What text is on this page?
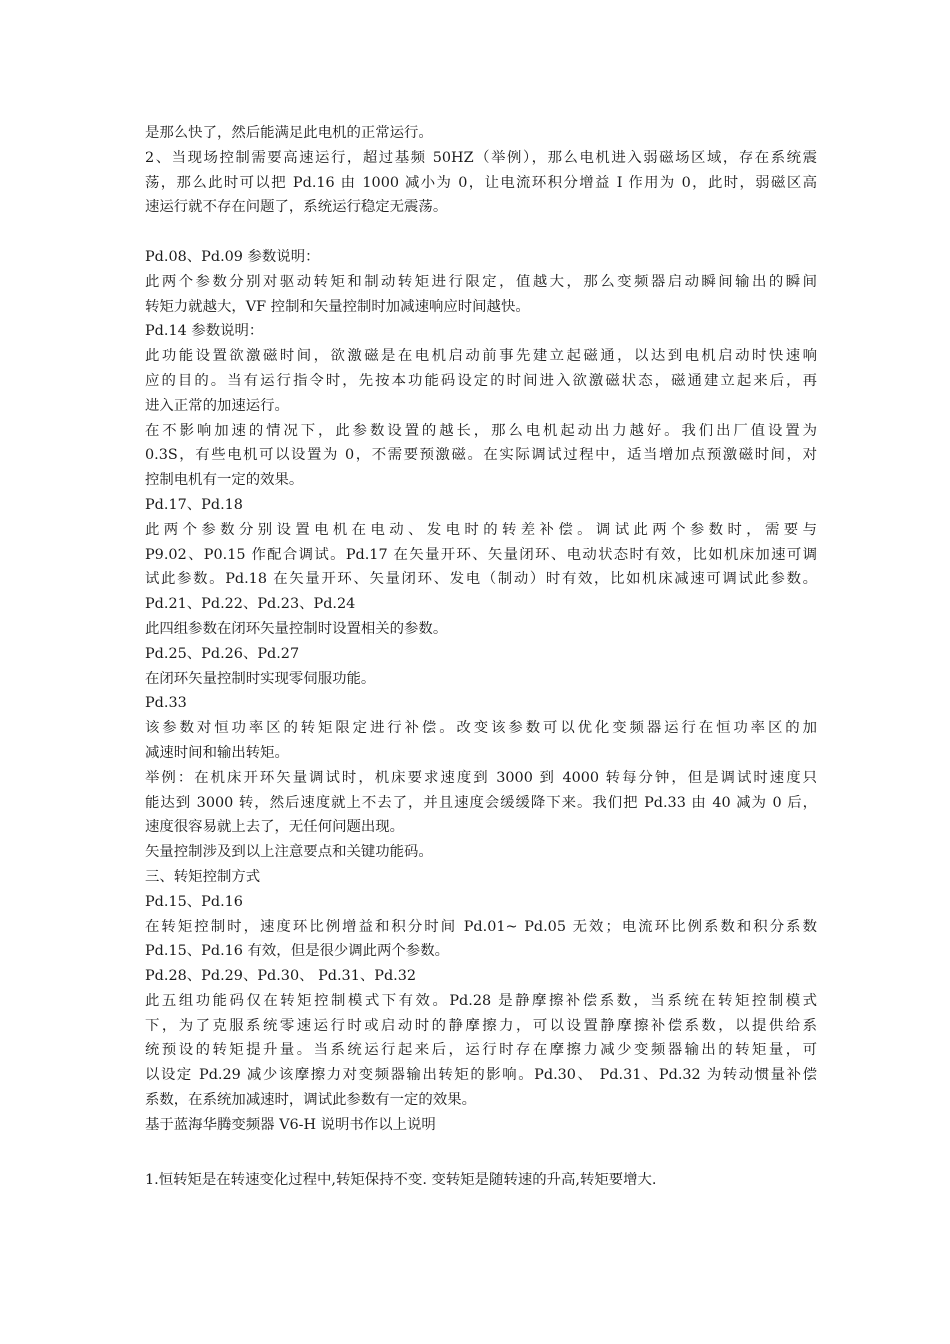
是那么快了，然后能满足此电机的正常运行。
2、当现场控制需要高速运行，超过基频 50HZ（举例），那么电机进入弱磁场区域，存在系统震
荡，那么此时可以把 Pd.16 由 1000 减小为 0，让电流环积分增益 I 作用为 0，此时，弱磁区高
速运行就不存在问题了，系统运行稳定无震荡。
Pd.08、Pd.09 参数说明：
此两个参数分别对驱动转矩和制动转矩进行限定，值越大，那么变频器启动瞬间输出的瞬间
转矩力就越大，VF 控制和矢量控制时加减速响应时间越快。
Pd.14 参数说明：
此功能设置欲激磁时间，欲激磁是在电机启动前事先建立起磁通，以达到电机启动时快速响
应的目的。当有运行指令时，先按本功能码设定的时间进入欲激磁状态，磁通建立起来后，再
进入正常的加速运行。
在不影响加速的情况下，此参数设置的越长，那么电机起动出力越好。我们出厂值设置为
0.3S，有些电机可以设置为 0，不需要预激磁。在实际调试过程中，适当增加点预激磁时间，对
控制电机有一定的效果。
Pd.17、Pd.18
此两个参数分别设置电机在电动、发电时的转差补偿。调试此两个参数时，需要与
P9.02、P0.15 作配合调试。Pd.17 在矢量开环、矢量闭环、电动状态时有效，比如机床加速可调
试此参数。Pd.18 在矢量开环、矢量闭环、发电（制动）时有效，比如机床减速可调试此参数。
Pd.21、Pd.22、Pd.23、Pd.24
此四组参数在闭环矢量控制时设置相关的参数。
Pd.25、Pd.26、Pd.27
在闭环矢量控制时实现零伺服功能。
Pd.33
该参数对恒功率区的转矩限定进行补偿。改变该参数可以优化变频器运行在恒功率区的加
减速时间和输出转矩。
举例：在机床开环矢量调试时，机床要求速度到 3000 到 4000 转每分钟，但是调试时速度只
能达到 3000 转，然后速度就上不去了，并且速度会缓缓降下来。我们把 Pd.33 由 40 减为 0 后，
速度很容易就上去了，无任何问题出现。
矢量控制涉及到以上注意要点和关键功能码。
三、转矩控制方式
Pd.15、Pd.16
在转矩控制时，速度环比例增益和积分时间 Pd.01~ Pd.05 无效；电流环比例系数和积分系数
Pd.15、Pd.16 有效，但是很少调此两个参数。
Pd.28、Pd.29、Pd.30、 Pd.31、Pd.32
此五组功能码仅在转矩控制模式下有效。Pd.28 是静摩擦补偿系数，当系统在转矩控制模式
下，为了克服系统零速运行时或启动时的静摩擦力，可以设置静摩擦补偿系数，以提供给系
统预设的转矩提升量。当系统运行起来后，运行时存在摩擦力减少变频器输出的转矩量，可
以设定 Pd.29 减少该摩擦力对变频器输出转矩的影响。Pd.30、 Pd.31、Pd.32 为转动惯量补偿
系数，在系统加减速时，调试此参数有一定的效果。
基于蓝海华腾变频器 V6-H 说明书作以上说明
1.恒转矩是在转速变化过程中,转矩保持不变. 变转矩是随转速的升高,转矩要增大.
